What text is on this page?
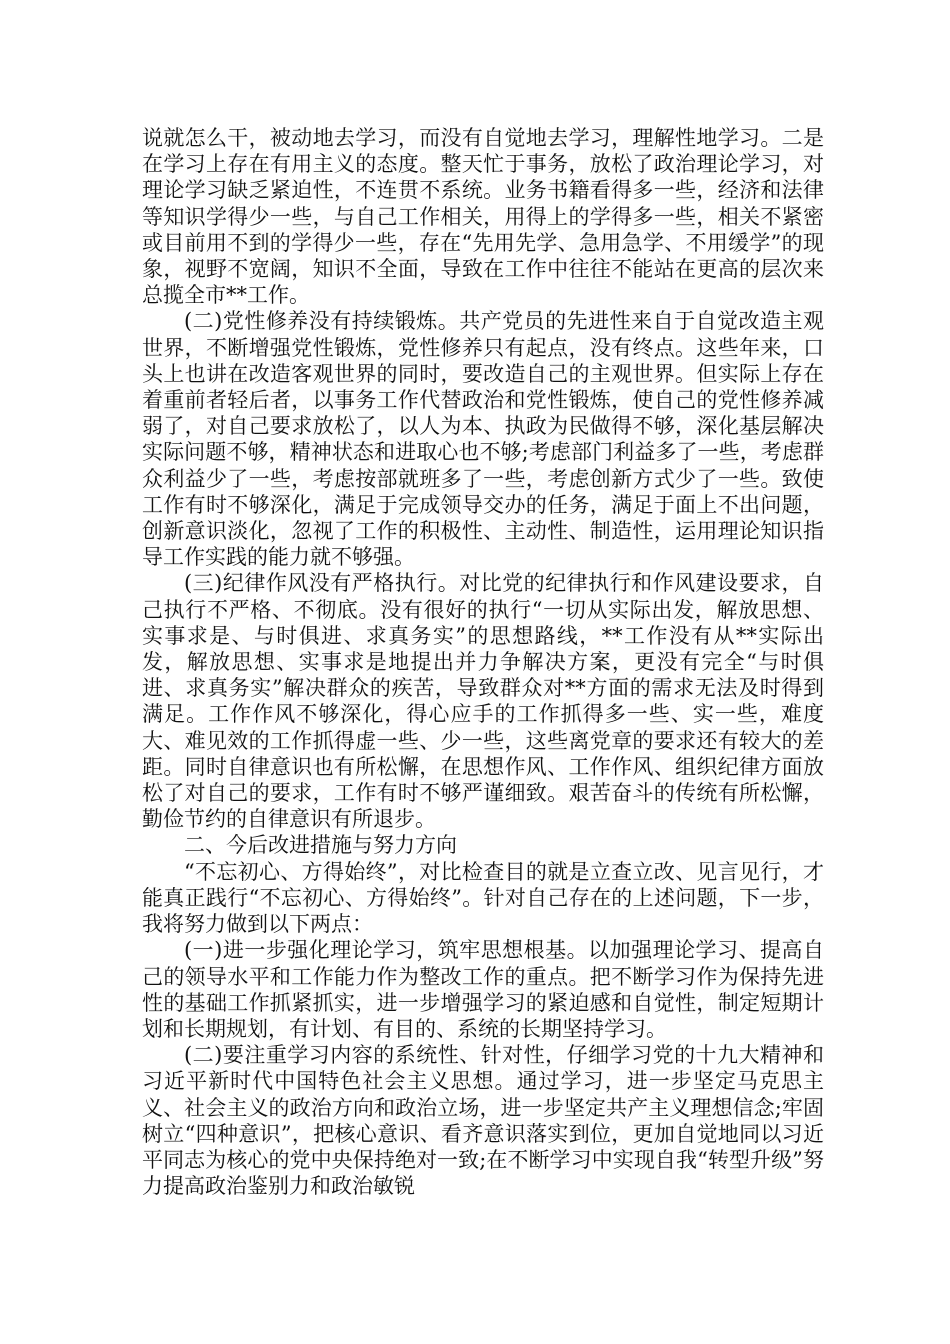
说就怎么干，被动地去学习，而没有自觉地去学习，理解性地学习。二是在学习上存在有用主义的态度。整天忙于事务，放松了政治理论学习，对理论学习缺乏紧迫性，不连贯不系统。业务书籍看得多一些，经济和法律等知识学得少一些，与自己工作相关，用得上的学得多一些，相关不紧密或目前用不到的学得少一些，存在“先用先学、急用急学、不用缓学”的现象，视野不宽阔，知识不全面，导致在工作中往往不能站在更高的层次来总揽全市**工作。

(二)党性修养没有持续锻炼。共产党员的先进性来自于自觉改造主观世界，不断增强党性锻炼，党性修养只有起点，没有终点。这些年来，口头上也讲在改造客观世界的同时，要改造自己的主观世界。但实际上存在着重前者轻后者，以事务工作代替政治和党性锻炼，使自己的党性修养减弱了，对自己要求放松了，以人为本、执政为民做得不够，深化基层解决实际问题不够，精神状态和进取心也不够;考虑部门利益多了一些，考虑群众利益少了一些，考虑按部就班多了一些，考虑创新方式少了一些。致使工作有时不够深化，满足于完成领导交办的任务，满足于面上不出问题，创新意识淡化，忽视了工作的积极性、主动性、制造性，运用理论知识指导工作实践的能力就不够强。

(三)纪律作风没有严格执行。对比党的纪律执行和作风建设要求，自己执行不严格、不彻底。没有很好的执行“一切从实际出发，解放思想、实事求是、与时俱进、求真务实”的思想路线，**工作没有从**实际出发，解放思想、实事求是地提出并力争解决方案，更没有完全“与时俱进、求真务实”解决群众的疾苦，导致群众对**方面的需求无法及时得到满足。工作作风不够深化，得心应手的工作抓得多一些、实一些，难度大、难见效的工作抓得虚一些、少一些，这些离党章的要求还有较大的差距。同时自律意识也有所松懈，在思想作风、工作作风、组织纪律方面放松了对自己的要求，工作有时不够严谨细致。艰苦奋斗的传统有所松懈，勤俭节约的自律意识有所退步。

二、今后改进措施与努力方向

“不忘初心、方得始终”，对比检查目的就是立查立改、见言见行，才能真正践行“不忘初心、方得始终”。针对自己存在的上述问题，下一步，我将努力做到以下两点：

(一)进一步强化理论学习，筑牢思想根基。以加强理论学习、提高自己的领导水平和工作能力作为整改工作的重点。把不断学习作为保持先进性的基础工作抓紧抓实，进一步增强学习的紧迫感和自觉性，制定短期计划和长期规划，有计划、有目的、系统的长期坚持学习。

(二)要注重学习内容的系统性、针对性，仔细学习党的十九大精神和习近平新时代中国特色社会主义思想。通过学习，进一步坚定马克思主义、社会主义的政治方向和政治立场，进一步坚定共产主义理想信念;牢固树立“四种意识”，把核心意识、看齐意识落实到位，更加自觉地同以习近平同志为核心的党中央保持绝对一致;在不断学习中实现自我“转型升级”努力提高政治鉴别力和政治敏锐
